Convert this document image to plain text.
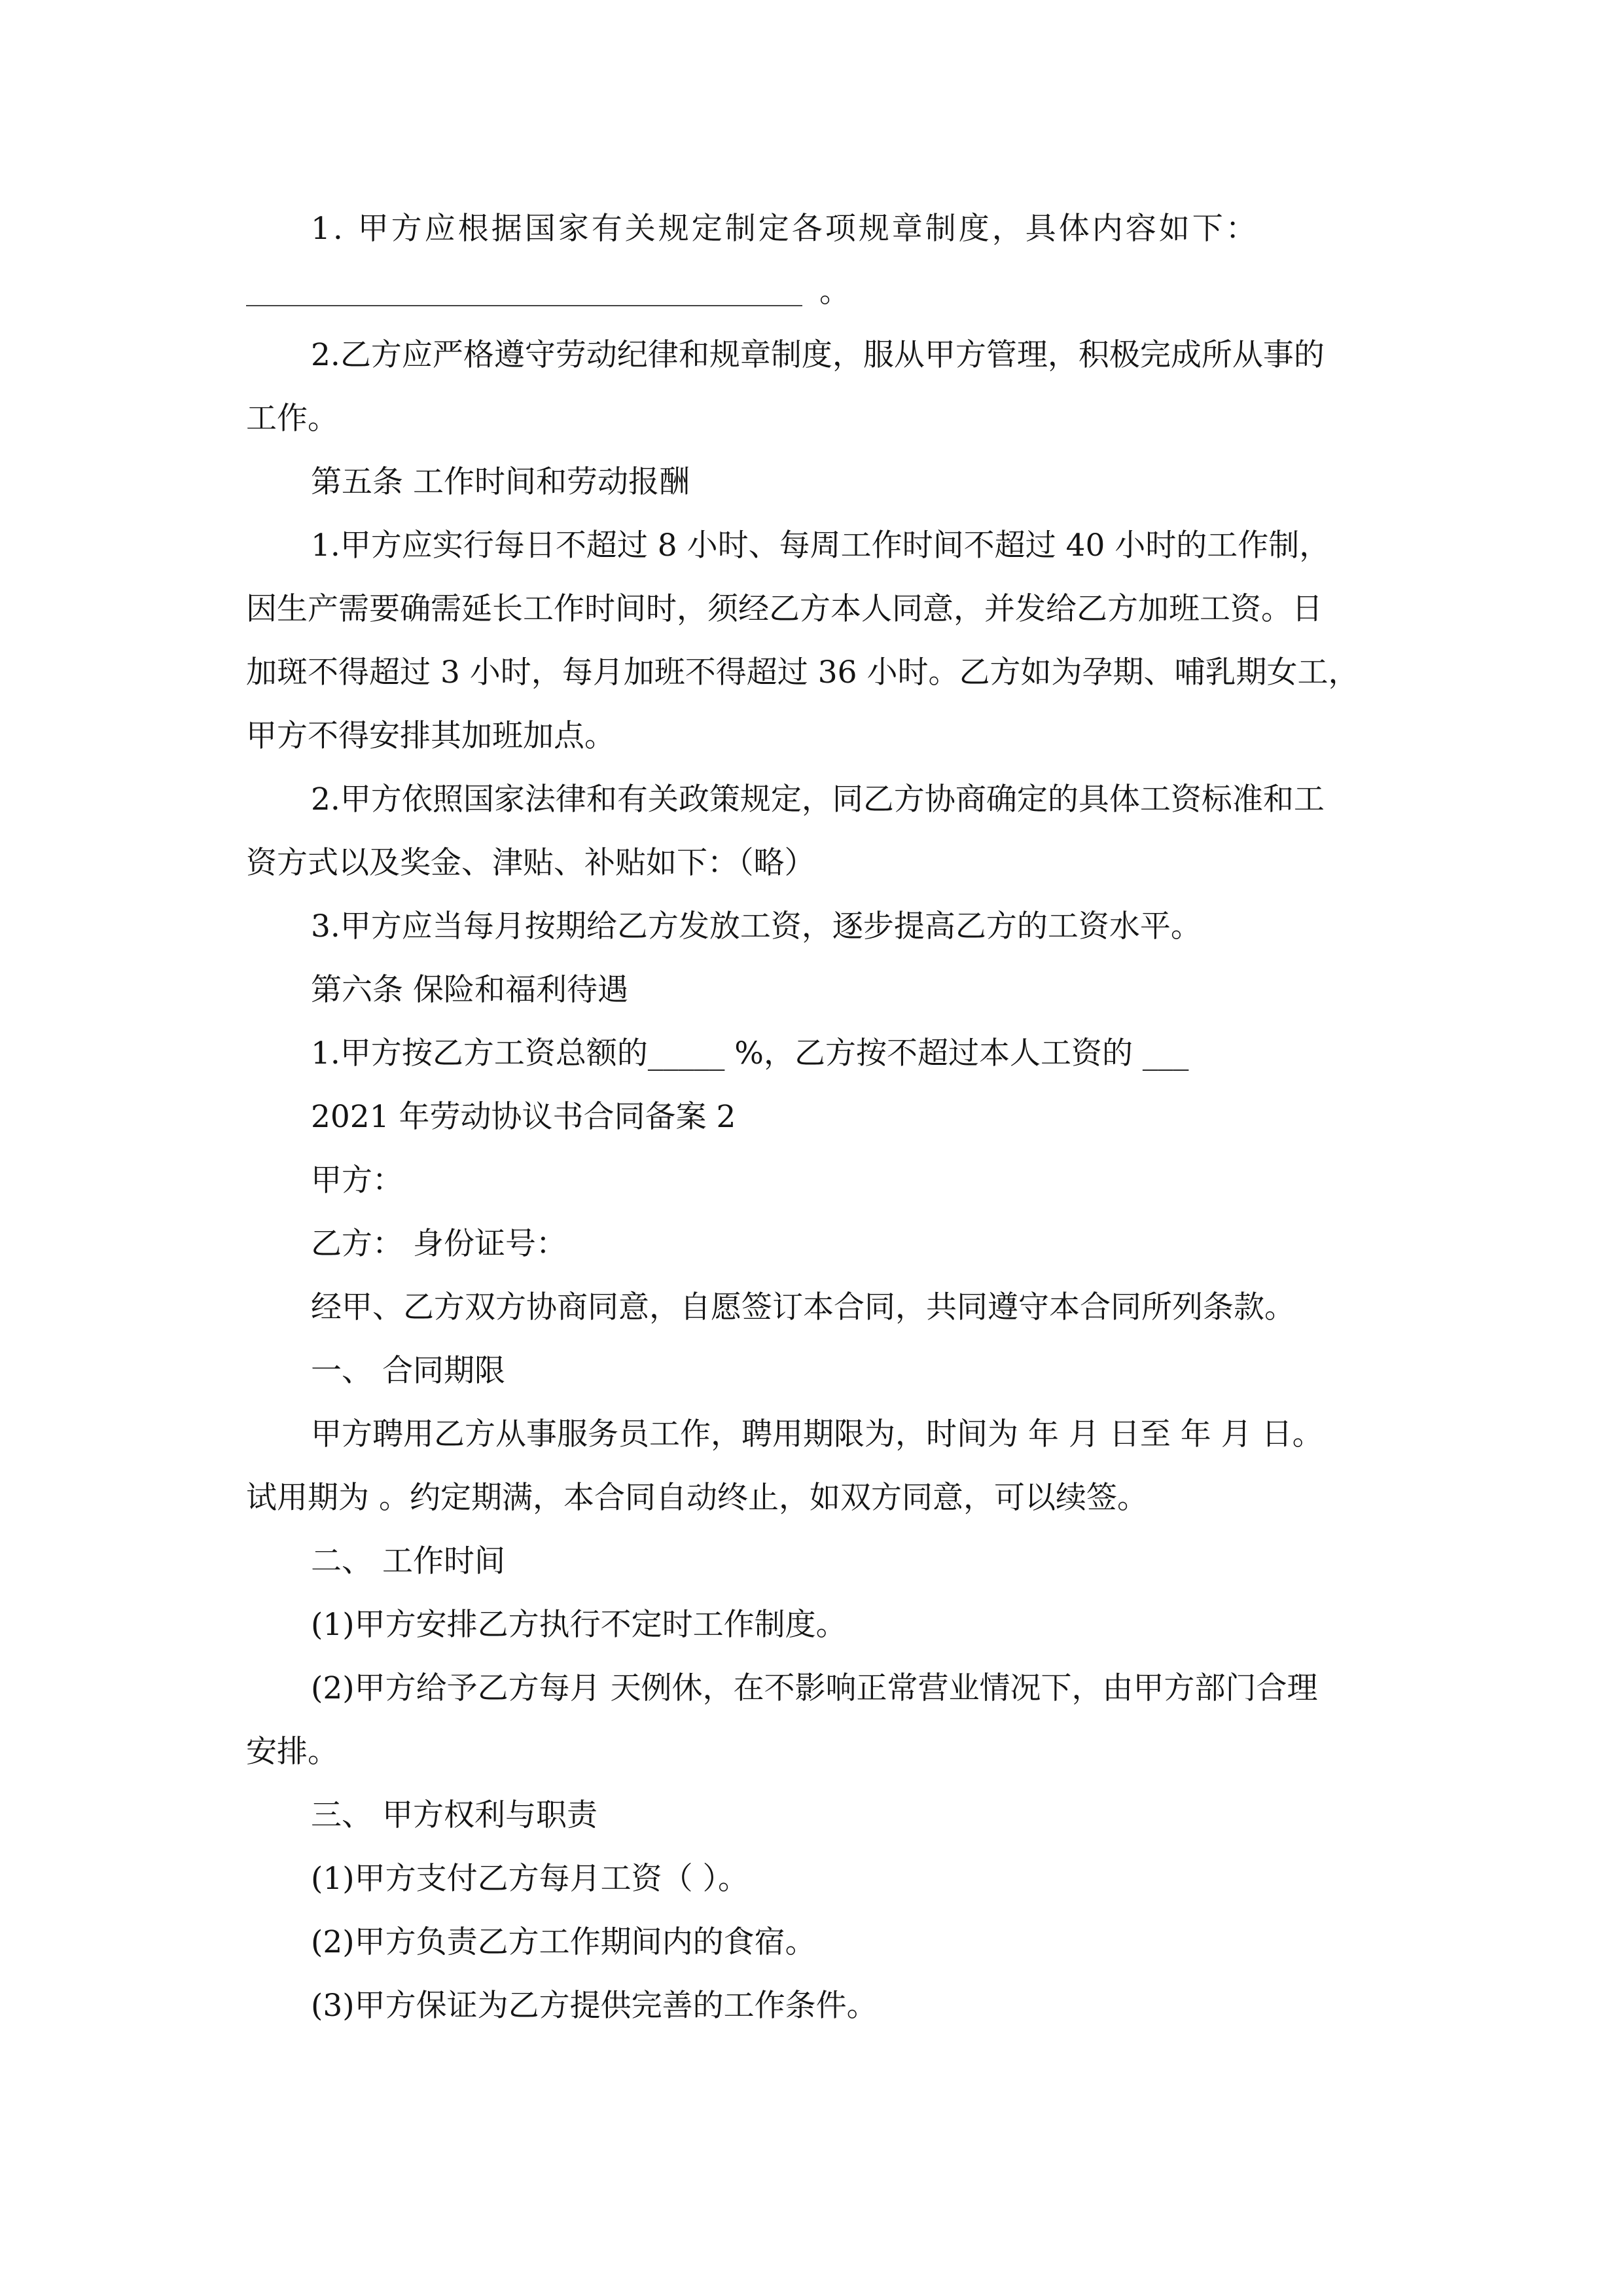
1. 甲方应根据国家有关规定制定各项规章制度，具体内容如下：

。

2.乙方应严格遵守劳动纪律和规章制度，服从甲方管理，积极完成所从事的

工作。

第五条 工作时间和劳动报酬

1.甲方应实行每日不超过 8 小时、每周工作时间不超过 40 小时的工作制，

因生产需要确需延长工作时间时，须经乙方本人同意，并发给乙方加班工资。日

加斑不得超过 3 小时，每月加班不得超过 36 小时。乙方如为孕期、哺乳期女工，

甲方不得安排其加班加点。

2.甲方依照国家法律和有关政策规定，同乙方协商确定的具体工资标准和工

资方式以及奖金、津贴、补贴如下：（略）

3.甲方应当每月按期给乙方发放工资，逐步提高乙方的工资水平。

第六条 保险和福利待遇

1.甲方按乙方工资总额的_____ %，乙方按不超过本人工资的 ___

2021 年劳动协议书合同备案 2

甲方：

乙方： 身份证号：

经甲、乙方双方协商同意，自愿签订本合同，共同遵守本合同所列条款。

一、 合同期限

甲方聘用乙方从事服务员工作，聘用期限为，时间为 年 月 日至 年 月 日。

试用期为 。约定期满，本合同自动终止，如双方同意，可以续签。

二、 工作时间

(1)甲方安排乙方执行不定时工作制度。

(2)甲方给予乙方每月 天例休，在不影响正常营业情况下，由甲方部门合理

安排。

三、 甲方权利与职责

(1)甲方支付乙方每月工资（ ）。

(2)甲方负责乙方工作期间内的食宿。

(3)甲方保证为乙方提供完善的工作条件。
